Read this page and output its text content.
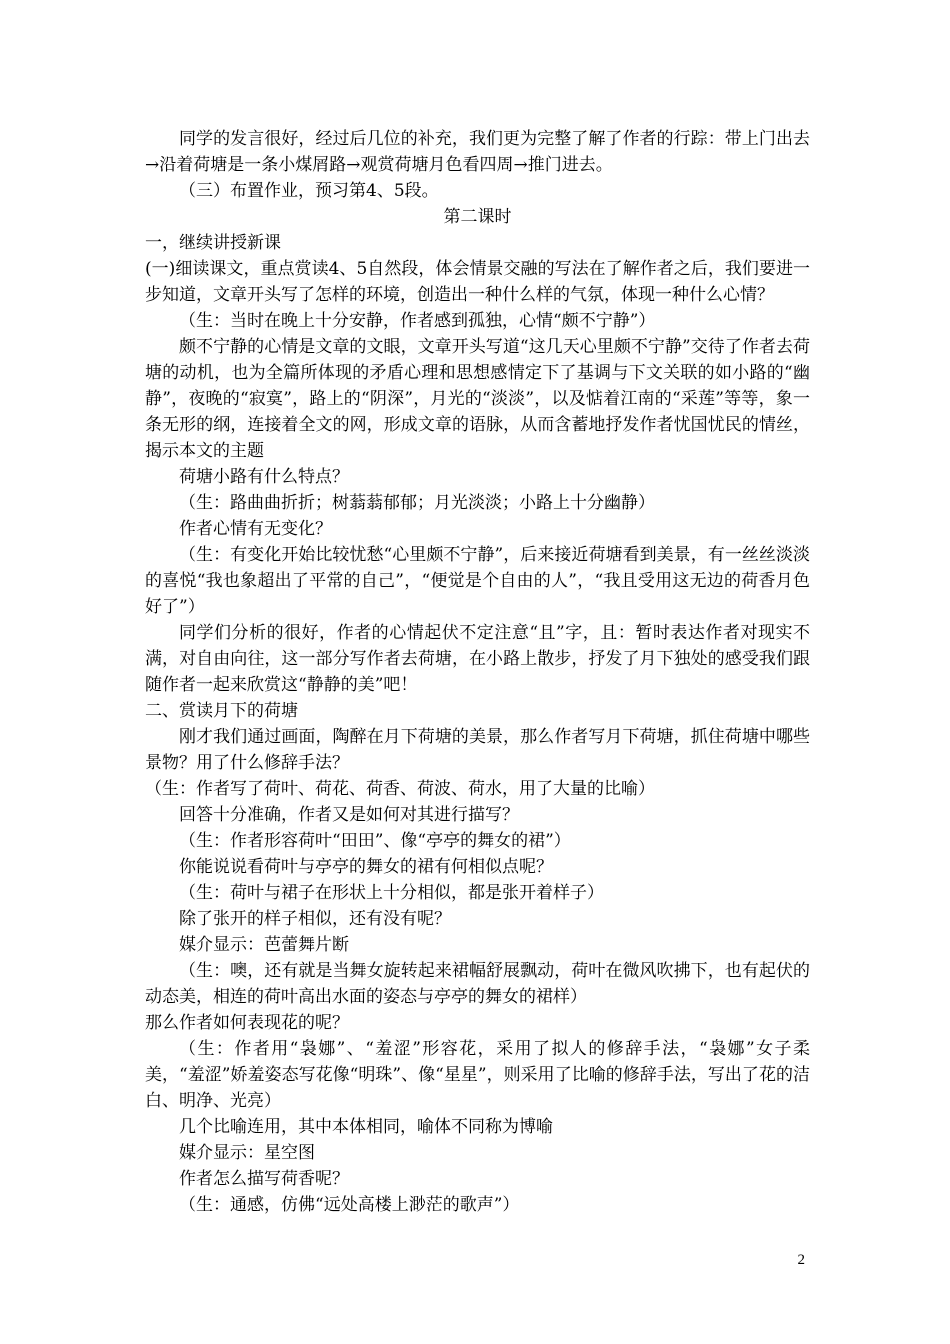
同学的发言很好，经过后几位的补充，我们更为完整了解了作者的行踪：带上门出去→沿着荷塘是一条小煤屑路→观赏荷塘月色看四周→推门进去。

（三）布置作业，预习第4、5段。

第二课时

一，继续讲授新课

(一)细读课文，重点赏读4、5自然段，体会情景交融的写法在了解作者之后，我们要进一步知道，文章开头写了怎样的环境，创造出一种什么样的气氛，体现一种什么心情？

（生：当时在晚上十分安静，作者感到孤独，心情“颇不宁静”）

颇不宁静的心情是文章的文眼，文章开头写道“这几天心里颇不宁静”交待了作者去荷塘的动机，也为全篇所体现的矛盾心理和思想感情定下了基调与下文关联的如小路的“幽静”，夜晚的“寂寞”，路上的“阴深”，月光的“淡淡”，以及惦着江南的“采莲”等等，象一条无形的纲，连接着全文的网，形成文章的语脉，从而含蓄地抒发作者忧国忧民的情丝，揭示本文的主题

荷塘小路有什么特点？

（生：路曲曲折折；树蓊蓊郁郁；月光淡淡；小路上十分幽静）

作者心情有无变化？

（生：有变化开始比较忧愁“心里颇不宁静”，后来接近荷塘看到美景，有一丝丝淡淡的喜悦“我也象超出了平常的自己”，“便觉是个自由的人”，“我且受用这无边的荷香月色好了”）

同学们分析的很好，作者的心情起伏不定注意“且”字，且：暂时表达作者对现实不满，对自由向往，这一部分写作者去荷塘，在小路上散步，抒发了月下独处的感受我们跟随作者一起来欣赏这“静静的美”吧！

二、赏读月下的荷塘

刚才我们通过画面，陶醉在月下荷塘的美景，那么作者写月下荷塘，抓住荷塘中哪些景物？用了什么修辞手法？

（生：作者写了荷叶、荷花、荷香、荷波、荷水，用了大量的比喻）

回答十分准确，作者又是如何对其进行描写？

（生：作者形容荷叶“田田”、像“亭亭的舞女的裙”）

你能说说看荷叶与亭亭的舞女的裙有何相似点呢？

（生：荷叶与裙子在形状上十分相似，都是张开着样子）

除了张开的样子相似，还有没有呢？

媒介显示：芭蕾舞片断

（生：噢，还有就是当舞女旋转起来裙幅舒展飘动，荷叶在微风吹拂下，也有起伏的动态美，相连的荷叶高出水面的姿态与亭亭的舞女的裙样）

那么作者如何表现花的呢？

（生：作者用“袅娜”、“羞涩”形容花，采用了拟人的修辞手法，“袅娜”女子柔美，“羞涩”娇羞姿态写花像“明珠”、像“星星”，则采用了比喻的修辞手法，写出了花的洁白、明净、光亮）

几个比喻连用，其中本体相同，喻体不同称为博喻

媒介显示：星空图

作者怎么描写荷香呢？

（生：通感，仿佛“远处高楼上渺茫的歌声”）

2
